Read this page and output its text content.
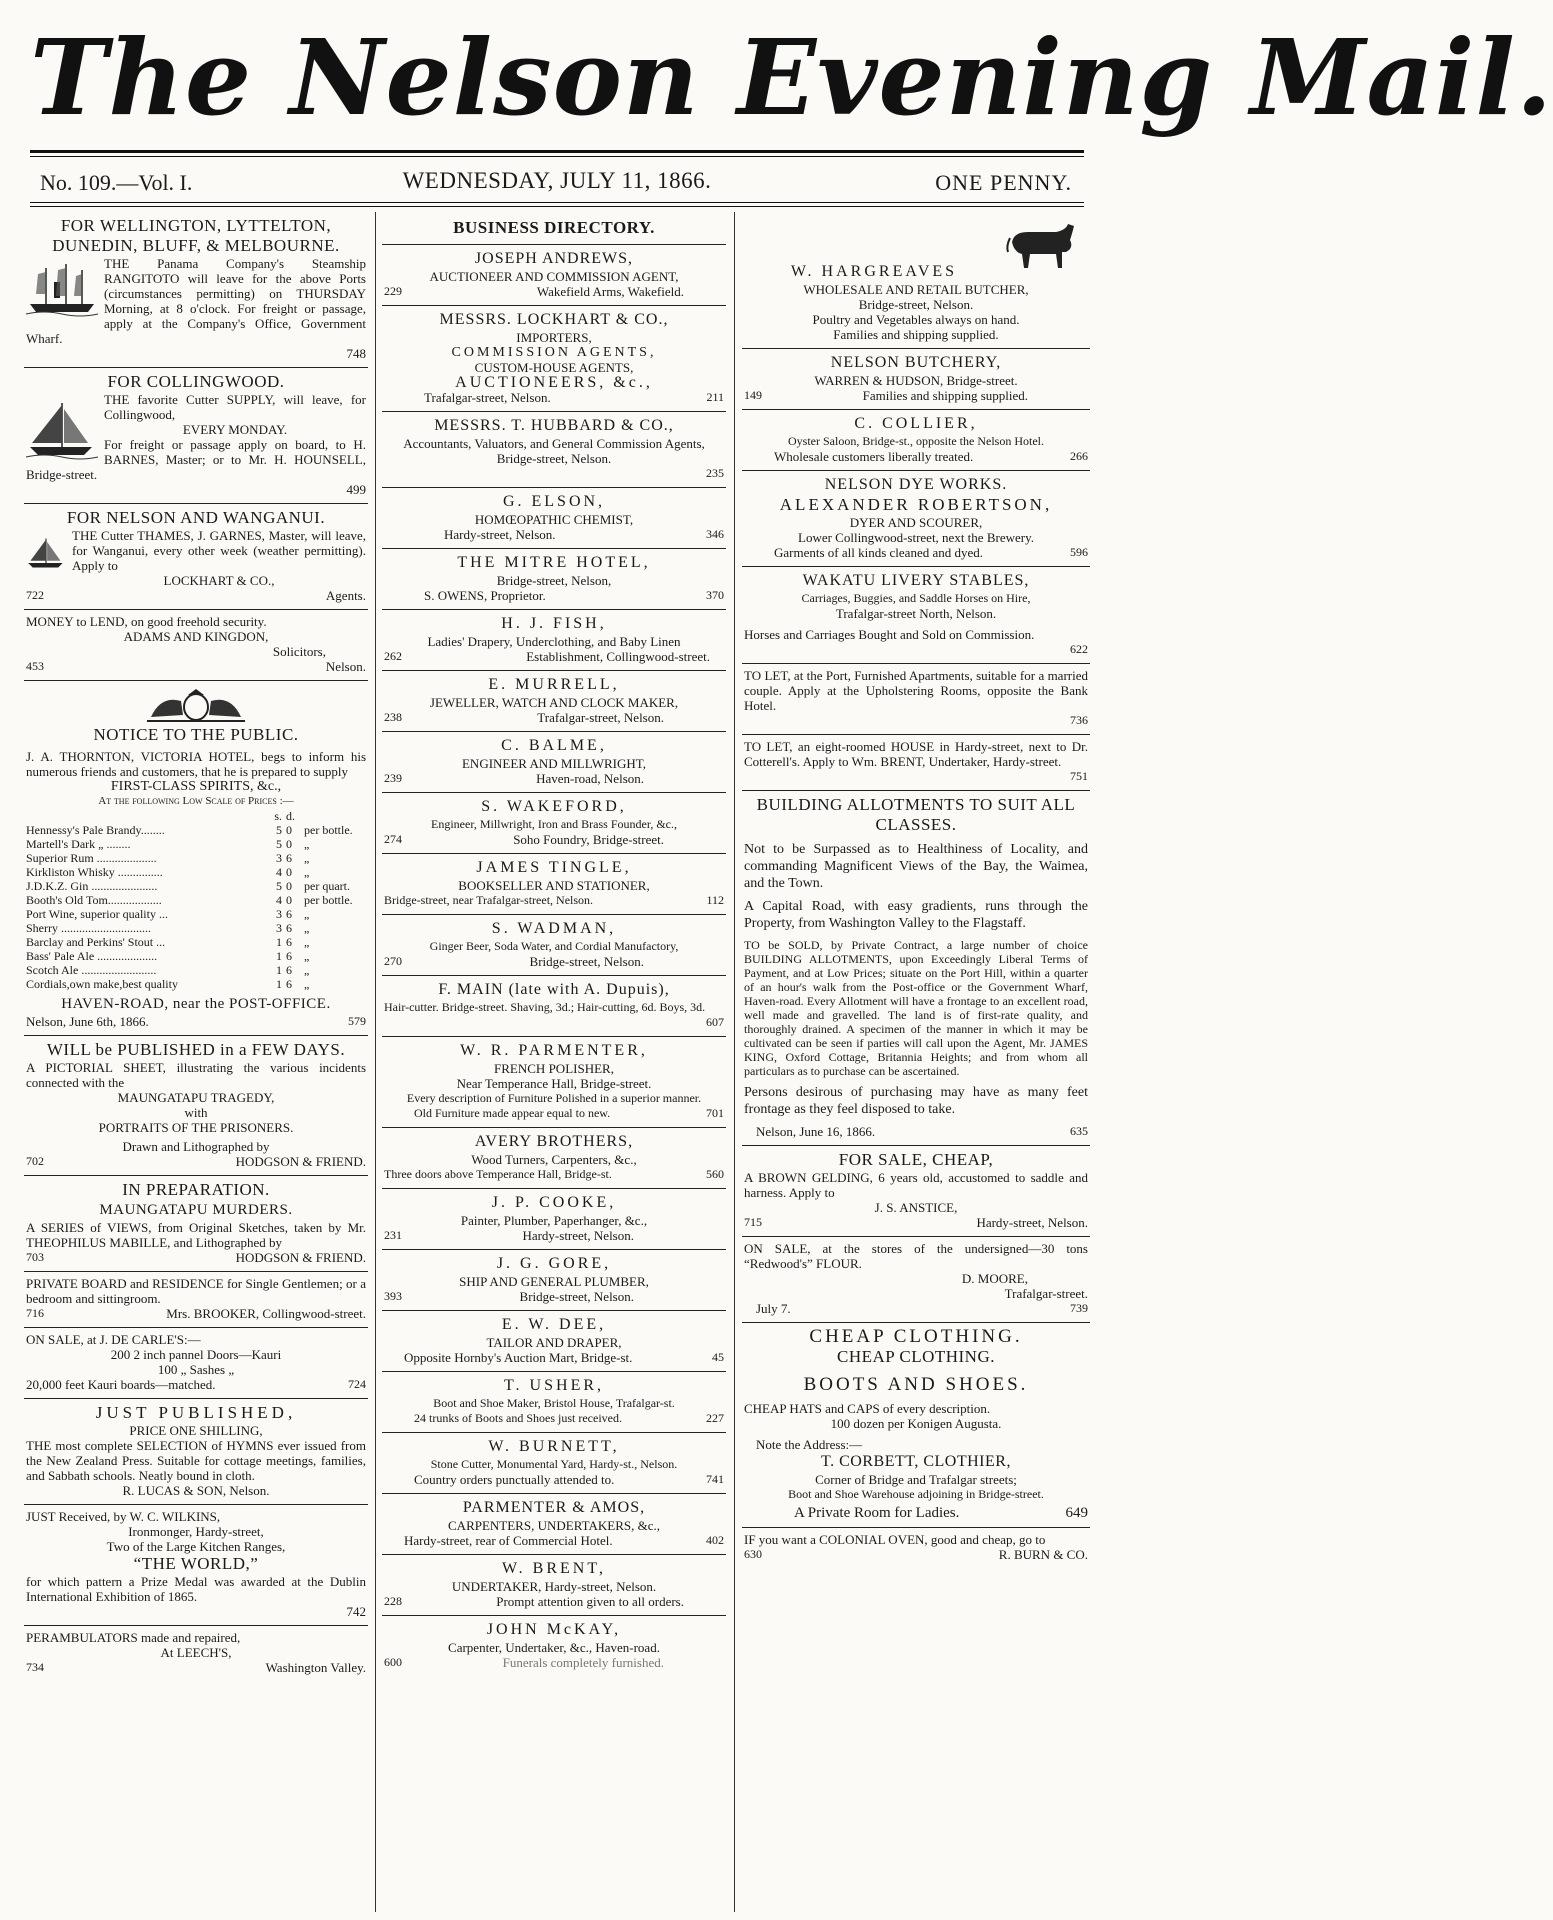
The Nelson Evening Mail.
No. 109.—Vol. I.	WEDNESDAY, JULY 11, 1866.	ONE PENNY.
FOR WELLINGTON, LYTTELTON, DUNEDIN, BLUFF, & MELBOURNE.
THE Panama Company's Steamship RANGITOTO will leave for the above Ports (circumstances permitting) on THURSDAY Morning, at 8 o'clock. For freight or passage, apply at the Company's Office, Government Wharf.
748
FOR COLLINGWOOD.
THE favorite Cutter SUPPLY, will leave, for Collingwood,
EVERY MONDAY.
For freight or passage apply on board, to H. BARNES, Master; or to Mr. H. HOUNSELL, Bridge-street.
499
FOR NELSON AND WANGANUI.
THE Cutter THAMES, J. GARNES, Master, will leave, for Wanganui, every other week (weather permitting). Apply to
LOCKHART & CO.,
722	Agents.
MONEY to LEND, on good freehold security.
ADAMS AND KINGDON,
Solicitors,
453	Nelson.
NOTICE TO THE PUBLIC.
J. A. THORNTON, VICTORIA HOTEL, begs to inform his numerous friends and customers, that he is prepared to supply
FIRST-CLASS SPIRITS, &c.,
At the following Low Scale of Prices :—
	s.	d.	
Hennessy's Pale Brandy........	5	0	per bottle.
Martell's Dark „ ........	5	0	„
Superior Rum ....................	3	6	„
Kirkliston Whisky ...............	4	0	„
J.D.K.Z. Gin ......................	5	0	per quart.
Booth's Old Tom..................	4	0	per bottle.
Port Wine, superior quality ...	3	6	„
Sherry ..............................	3	6	„
Barclay and Perkins' Stout ...	1	6	„
Bass' Pale Ale ....................	1	6	„
Scotch Ale .........................	1	6	„
Cordials,own make,best quality	1	6	„
HAVEN-ROAD, near the POST-OFFICE.
Nelson, June 6th, 1866.	579
WILL be PUBLISHED in a FEW DAYS.
A PICTORIAL SHEET, illustrating the various incidents connected with the
MAUNGATAPU TRAGEDY,
with
PORTRAITS OF THE PRISONERS.
Drawn and Lithographed by
702	HODGSON & FRIEND.
IN PREPARATION.
MAUNGATAPU MURDERS.
A SERIES of VIEWS, from Original Sketches, taken by Mr. THEOPHILUS MABILLE, and Lithographed by
703	HODGSON & FRIEND.
PRIVATE BOARD and RESIDENCE for Single Gentlemen; or a bedroom and sittingroom.
716	Mrs. BROOKER, Collingwood-street.
ON SALE, at J. DE CARLE'S:—
200 2 inch pannel Doors—Kauri
100 „ Sashes „
20,000 feet Kauri boards—matched.	724
JUST PUBLISHED,
PRICE ONE SHILLING,
THE most complete SELECTION of HYMNS ever issued from the New Zealand Press. Suitable for cottage meetings, families, and Sabbath schools. Neatly bound in cloth.
R. LUCAS & SON, Nelson.
JUST Received, by W. C. WILKINS,
Ironmonger, Hardy-street,
Two of the Large Kitchen Ranges,
“THE WORLD,”
for which pattern a Prize Medal was awarded at the Dublin International Exhibition of 1865.
742
PERAMBULATORS made and repaired,
At LEECH'S,
734	Washington Valley.
BUSINESS DIRECTORY.
JOSEPH ANDREWS,
AUCTIONEER AND COMMISSION AGENT,
229	Wakefield Arms, Wakefield.
MESSRS. LOCKHART & CO.,
IMPORTERS,
COMMISSION AGENTS,
CUSTOM-HOUSE AGENTS,
AUCTIONEERS, &c.,
Trafalgar-street, Nelson.	211
MESSRS. T. HUBBARD & CO.,
Accountants, Valuators, and General Commission Agents, Bridge-street, Nelson.
235
G. ELSON,
HOMŒOPATHIC CHEMIST,
Hardy-street, Nelson.	346
THE MITRE HOTEL,
Bridge-street, Nelson,
S. OWENS, Proprietor.	370
H. J. FISH,
Ladies' Drapery, Underclothing, and Baby Linen
262	Establishment, Collingwood-street.
E. MURRELL,
JEWELLER, WATCH AND CLOCK MAKER,
238	Trafalgar-street, Nelson.
C. BALME,
ENGINEER AND MILLWRIGHT,
239	Haven-road, Nelson.
S. WAKEFORD,
Engineer, Millwright, Iron and Brass Founder, &c.,
274	Soho Foundry, Bridge-street.
JAMES TINGLE,
BOOKSELLER AND STATIONER,
Bridge-street, near Trafalgar-street, Nelson.	112
S. WADMAN,
Ginger Beer, Soda Water, and Cordial Manufactory,
270	Bridge-street, Nelson.
F. MAIN (late with A. Dupuis),
Hair-cutter. Bridge-street. Shaving, 3d.; Hair-cutting, 6d. Boys, 3d.
607
W. R. PARMENTER,
FRENCH POLISHER,
Near Temperance Hall, Bridge-street.
Every description of Furniture Polished in a superior manner.
Old Furniture made appear equal to new.	701
AVERY BROTHERS,
Wood Turners, Carpenters, &c.,
Three doors above Temperance Hall, Bridge-st.	560
J. P. COOKE,
Painter, Plumber, Paperhanger, &c.,
231	Hardy-street, Nelson.
J. G. GORE,
SHIP AND GENERAL PLUMBER,
393	Bridge-street, Nelson.
E. W. DEE,
TAILOR AND DRAPER,
Opposite Hornby's Auction Mart, Bridge-st.	45
T. USHER,
Boot and Shoe Maker, Bristol House, Trafalgar-st.
24 trunks of Boots and Shoes just received.	227
W. BURNETT,
Stone Cutter, Monumental Yard, Hardy-st., Nelson.
Country orders punctually attended to.	741
PARMENTER & AMOS,
CARPENTERS, UNDERTAKERS, &c.,
Hardy-street, rear of Commercial Hotel.	402
W. BRENT,
UNDERTAKER, Hardy-street, Nelson.
228	Prompt attention given to all orders.
JOHN McKAY,
Carpenter, Undertaker, &c., Haven-road.
600	Funerals completely furnished.
W. HARGREAVES
WHOLESALE AND RETAIL BUTCHER,
Bridge-street, Nelson.
Poultry and Vegetables always on hand.
Families and shipping supplied.
NELSON BUTCHERY,
WARREN & HUDSON, Bridge-street.
149	Families and shipping supplied.
C. COLLIER,
Oyster Saloon, Bridge-st., opposite the Nelson Hotel.
Wholesale customers liberally treated.	266
NELSON DYE WORKS.
ALEXANDER ROBERTSON,
DYER AND SCOURER,
Lower Collingwood-street, next the Brewery.
Garments of all kinds cleaned and dyed.	596
WAKATU LIVERY STABLES,
Carriages, Buggies, and Saddle Horses on Hire,
Trafalgar-street North, Nelson.
Horses and Carriages Bought and Sold on Commission.
622
TO LET, at the Port, Furnished Apartments, suitable for a married couple. Apply at the Upholstering Rooms, opposite the Bank Hotel.
736
TO LET, an eight-roomed HOUSE in Hardy-street, next to Dr. Cotterell's. Apply to Wm. BRENT, Undertaker, Hardy-street.
751
BUILDING ALLOTMENTS TO SUIT ALL CLASSES.
Not to be Surpassed as to Healthiness of Locality, and commanding Magnificent Views of the Bay, the Waimea, and the Town.
A Capital Road, with easy gradients, runs through the Property, from Washington Valley to the Flagstaff.
TO be SOLD, by Private Contract, a large number of choice BUILDING ALLOTMENTS, upon Exceedingly Liberal Terms of Payment, and at Low Prices; situate on the Port Hill, within a quarter of an hour's walk from the Post-office or the Government Wharf, Haven-road. Every Allotment will have a frontage to an excellent road, well made and gravelled. The land is of first-rate quality, and thoroughly drained. A specimen of the manner in which it may be cultivated can be seen if parties will call upon the Agent, Mr. JAMES KING, Oxford Cottage, Britannia Heights; and from whom all particulars as to purchase can be ascertained.
Persons desirous of purchasing may have as many feet frontage as they feel disposed to take.
Nelson, June 16, 1866.	635
FOR SALE, CHEAP,
A BROWN GELDING, 6 years old, accustomed to saddle and harness. Apply to
J. S. ANSTICE,
715	Hardy-street, Nelson.
ON SALE, at the stores of the undersigned—30 tons “Redwood's” FLOUR.
D. MOORE,
Trafalgar-street.
July 7.	739
CHEAP CLOTHING.
CHEAP CLOTHING.
BOOTS AND SHOES.
CHEAP HATS and CAPS of every description.
100 dozen per Konigen Augusta.
Note the Address:—
T. CORBETT, CLOTHIER,
Corner of Bridge and Trafalgar streets;
Boot and Shoe Warehouse adjoining in Bridge-street.
A Private Room for Ladies.	649
IF you want a COLONIAL OVEN, good and cheap, go to
630	R. BURN & CO.
